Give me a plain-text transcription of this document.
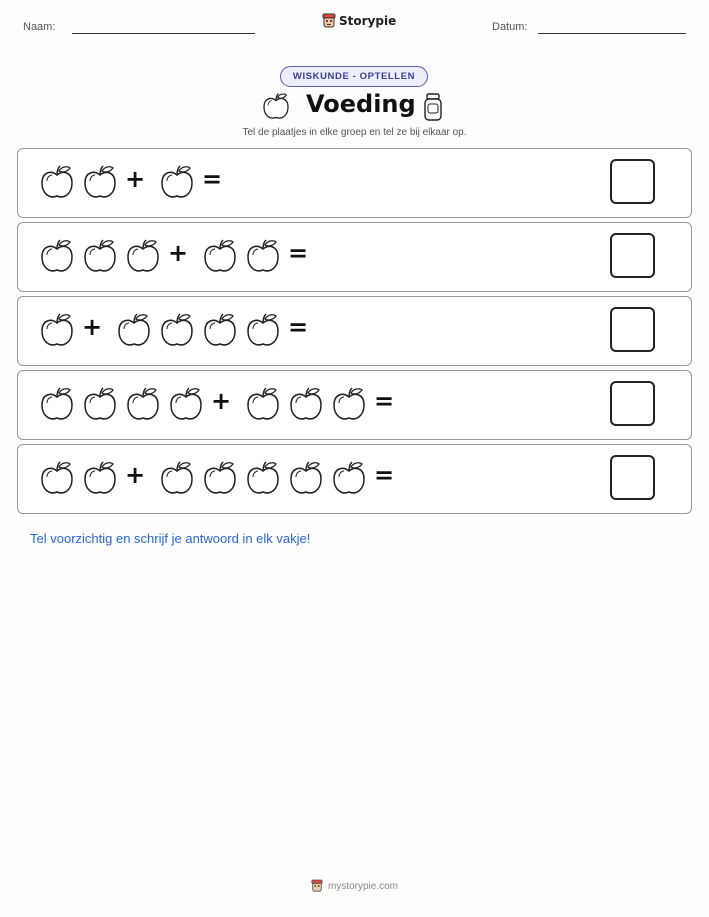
Naam:	Storypie	Datum:
WISKUNDE - OPTELLEN
Voeding
Tel de plaatjes in elke groep en tel ze bij elkaar op.
+ =
+	=
+	=
+	=
+	=
Tel voorzichtig en schrijf je antwoord in elk vakje!
mystorypie.com
